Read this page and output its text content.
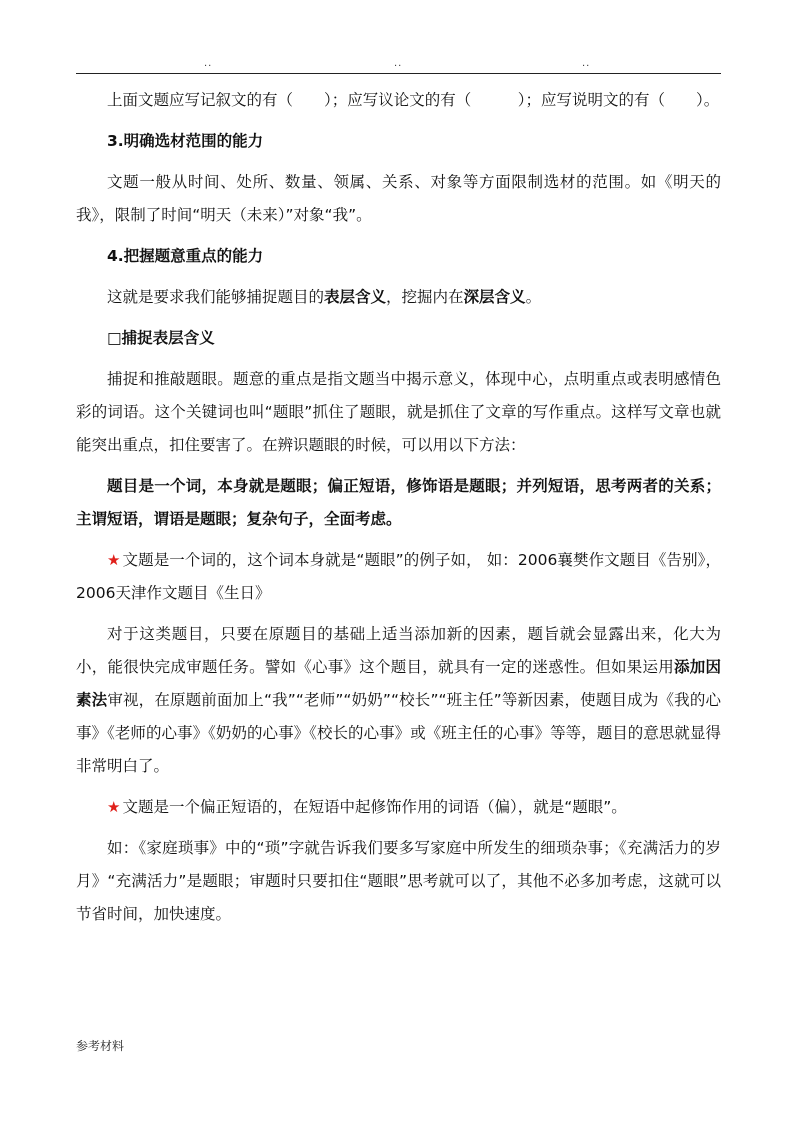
..	..	..

上面文题应写记叙文的有（　　）；应写议论文的有（　　　）；应写说明文的有（　　）。

3.明确选材范围的能力

文题一般从时间、处所、数量、领属、关系、对象等方面限制选材的范围。如《明天的我》，限制了时间“明天（未来）”对象“我”。

4.把握题意重点的能力

这就是要求我们能够捕捉题目的表层含义，挖掘内在深层含义。

□捕捉表层含义

捕捉和推敲题眼。题意的重点是指文题当中揭示意义，体现中心，点明重点或表明感情色彩的词语。这个关键词也叫“题眼”抓住了题眼，就是抓住了文章的写作重点。这样写文章也就能突出重点，扣住要害了。在辨识题眼的时候，可以用以下方法：

题目是一个词，本身就是题眼；偏正短语，修饰语是题眼；并列短语，思考两者的关系；主谓短语，谓语是题眼；复杂句子，全面考虑。

★ 文题是一个词的，这个词本身就是“题眼”的例子如， 如：2006襄樊作文题目《告别》，2006天津作文题目《生日》

对于这类题目，只要在原题目的基础上适当添加新的因素，题旨就会显露出来，化大为小，能很快完成审题任务。譬如《心事》这个题目，就具有一定的迷惑性。但如果运用添加因素法审视，在原题前面加上“我”“老师”“奶奶”“校长”“班主任”等新因素，使题目成为《我的心事》《老师的心事》《奶奶的心事》《校长的心事》或《班主任的心事》等等，题目的意思就显得非常明白了。

★ 文题是一个偏正短语的，在短语中起修饰作用的词语（偏），就是“题眼”。

如：《家庭琐事》中的“琐”字就告诉我们要多写家庭中所发生的细琐杂事；《充满活力的岁月》“充满活力”是题眼；审题时只要扣住“题眼”思考就可以了，其他不必多加考虑，这就可以节省时间，加快速度。

参考材料
